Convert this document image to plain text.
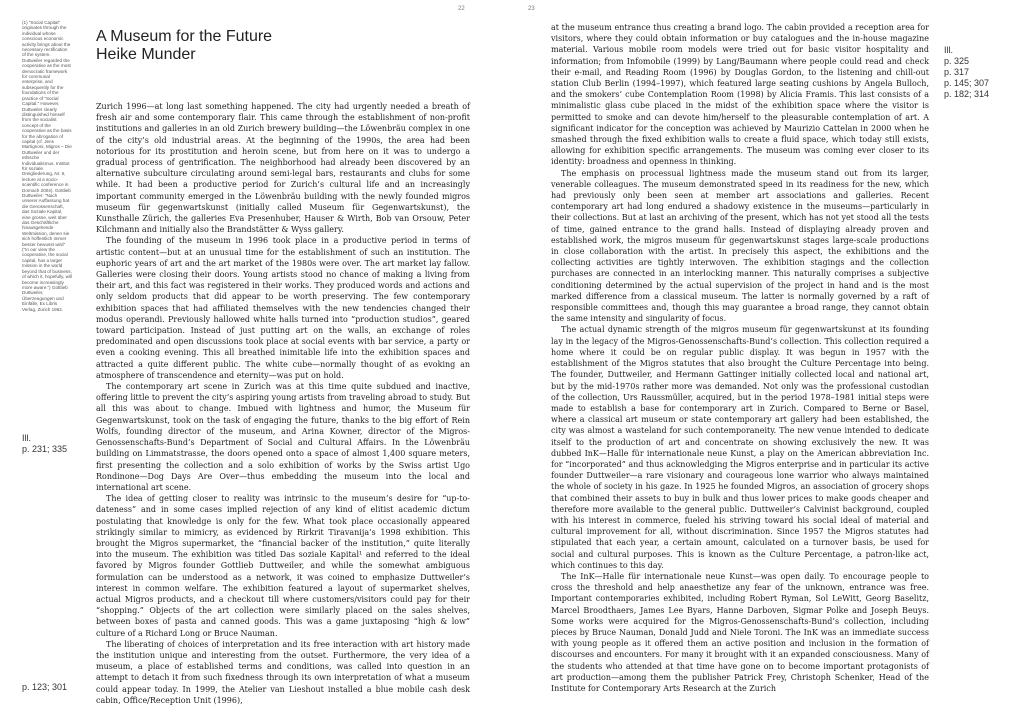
22	23
(1) “Social Capital” originates through the individual whose conscious economic activity brings about the necessary rectification of the system. Duttweiler regarded the cooperative as the most democratic framework for communal enterprise, and subsequently for the foundations of the practice of “Social Capital.” However, Duttweiler clearly distinguished himself from the socialist concept of the cooperative as the basis for the abrogation of capital (cf. Jens Martignoni, Migros – Die Duttweiler und der ethische Individualismus. Institut für soziale Dreigliederung, Nr. 6, lecture at a socio-scientific conference in Dornach 2004). Gottlieb Duttweiler: “Nach unserer Auffassung hat die Genossenschaft, das Soziale Kapital, eine grosse, weit über das Geschäftliche hinausgehende Weltmission, denen sie sich hoffentlich immer besser bewusst wird” (“In our view the cooperative, the social capital, has a larger mission in the world beyond that of business, of which it, hopefully, will become increasingly more aware.”) Gottlieb Duttweiler, Überzeugungen und Einfälle, Ex Libris Verlag, Zurich 1962.
Ill.
p. 231; 335
p. 123; 301
A Museum for the Future
Heike Munder

Zurich 1996—at long last something happened. The city had urgently needed a breath of fresh air and some contemporary flair. This came through the establishment of non-profit institutions and galleries in an old Zurich brewery building—the Löwenbräu complex in one of the city’s old industrial areas. At the beginning of the 1990s, the area had been notorious for its prostitution and heroin scene, but from here on it was to undergo a gradual process of gentrification. The neighborhood had already been discovered by an alternative subculture circulating around semi-legal bars, restaurants and clubs for some while. It had been a productive period for Zurich’s cultural life and an increasingly important community emerged in the Löwenbräu building with the newly founded migros museum für gegenwartskunst (initially called Museum für Gegenwartskunst), the Kunsthalle Zürich, the galleries Eva Presenhuber, Hauser & Wirth, Bob van Orsouw, Peter Kilchmann and initially also the Brandstätter & Wyss gallery.

The founding of the museum in 1996 took place in a productive period in terms of artistic content—but at an unusual time for the establishment of such an institution. The euphoric years of art and the art market of the 1980s were over. The art market lay fallow. Galleries were closing their doors. Young artists stood no chance of making a living from their art, and this fact was registered in their works. They produced words and actions and only seldom products that did appear to be worth preserving. The few contemporary exhibition spaces that had affiliated themselves with the new tendencies changed their modus operandi. Previously hallowed white halls turned into “production studios”, geared toward participation. Instead of just putting art on the walls, an exchange of roles predominated and open discussions took place at social events with bar service, a party or even a cooking evening. This all breathed inimitable life into the exhibition spaces and attracted a quite different public. The white cube—normally thought of as evoking an atmosphere of transcendence and eternity—was put on hold.

The contemporary art scene in Zurich was at this time quite subdued and inactive, offering little to prevent the city’s aspiring young artists from traveling abroad to study. But all this was about to change. Imbued with lightness and humor, the Museum für Gegenwartskunst, took on the task of engaging the future, thanks to the big effort of Rein Wolfs, founding director of the museum, and Arina Kowner, director of the Migros-Genossenschafts-Bund’s Department of Social and Cultural Affairs. In the Löwenbräu building on Limmatstrasse, the doors opened onto a space of almost 1,400 square meters, first presenting the collection and a solo exhibition of works by the Swiss artist Ugo Rondinone—Dog Days Are Over—thus embedding the museum into the local and international art scene.

The idea of getting closer to reality was intrinsic to the museum’s desire for “up-to-dateness” and in some cases implied rejection of any kind of elitist academic dictum postulating that knowledge is only for the few. What took place occasionally appeared strikingly similar to mimicry, as evidenced by Rirkrit Tiravanija’s 1998 exhibition. This brought the Migros supermarket, the “financial backer of the institution,” quite literally into the museum. The exhibition was titled Das soziale Kapital¹ and referred to the ideal favored by Migros founder Gottlieb Duttweiler, and while the somewhat ambiguous formulation can be understood as a network, it was coined to emphasize Duttweiler’s interest in common welfare. The exhibition featured a layout of supermarket shelves, actual Migros products, and a checkout till where customers/visitors could pay for their “shopping.” Objects of the art collection were similarly placed on the sales shelves, between boxes of pasta and canned goods. This was a game juxtaposing “high & low” culture of a Richard Long or Bruce Nauman.

The liberating of choices of interpretation and its free interaction with art history made the institution unique and interesting from the outset. Furthermore, the very idea of a museum, a place of established terms and conditions, was called into question in an attempt to detach it from such fixedness through its own interpretation of what a museum could appear today. In 1999, the Atelier van Lieshout installed a blue mobile cash desk cabin, Office/Reception Unit (1996),

at the museum entrance thus creating a brand logo. The cabin provided a reception area for visitors, where they could obtain information or buy catalogues and the in-house magazine material. Various mobile room models were tried out for basic visitor hospitality and information; from Infomobile (1999) by Lang/Baumann where people could read and check their e-mail, and Reading Room (1996) by Douglas Gordon, to the listening and chill-out station Club Berlin (1994–1997), which featured large seating cushions by Angela Bulloch, and the smokers’ cube Contemplation Room (1998) by Alicia Framis. This last consists of a minimalistic glass cube placed in the midst of the exhibition space where the visitor is permitted to smoke and can devote him/herself to the pleasurable contemplation of art. A significant indicator for the conception was achieved by Maurizio Cattelan in 2000 when he smashed through the fixed exhibition walls to create a fluid space, which today still exists, allowing for exhibition specific arrangements. The museum was coming ever closer to its identity: broadness and openness in thinking.

The emphasis on processual lightness made the museum stand out from its larger, venerable colleagues. The museum demonstrated speed in its readiness for the new, which had previously only been seen at member art associations and galleries. Recent contemporary art had long endured a shadowy existence in the museums—particularly in their collections. But at last an archiving of the present, which has not yet stood all the tests of time, gained entrance to the grand halls. Instead of displaying already proven and established work, the migros museum für gegenwartskunst stages large-scale productions in close collaboration with the artist. In precisely this aspect, the exhibitions and the collecting activities are tightly interwoven. The exhibition stagings and the collection purchases are connected in an interlocking manner. This naturally comprises a subjective conditioning determined by the actual supervision of the project in hand and is the most marked difference from a classical museum. The latter is normally governed by a raft of responsible committees and, though this may guarantee a broad range, they cannot obtain the same intensity and singularity of focus.

The actual dynamic strength of the migros museum für gegenwartskunst at its founding lay in the legacy of the Migros-Genossenschafts-Bund’s collection. This collection required a home where it could be on regular public display. It was begun in 1957 with the establishment of the Migros statutes that also brought the Culture Percentage into being. The founder, Duttweiler, and Hermann Gattinger initially collected local and national art, but by the mid-1970s rather more was demanded. Not only was the professional custodian of the collection, Urs Raussmüller, acquired, but in the period 1978–1981 initial steps were made to establish a base for contemporary art in Zurich. Compared to Berne or Basel, where a classical art museum or state contemporary art gallery had been established, the city was almost a wasteland for such contemporaneity. The new venue intended to dedicate itself to the production of art and concentrate on showing exclusively the new. It was dubbed InK—Halle für internationale neue Kunst, a play on the American abbreviation Inc. for “incorporated” and thus acknowledging the Migros enterprise and in particular its active founder Duttweiler—a rare visionary and courageous lone warrior who always maintained the whole of society in his gaze. In 1925 he founded Migros, an association of grocery shops that combined their assets to buy in bulk and thus lower prices to make goods cheaper and therefore more available to the general public. Duttweiler’s Calvinist background, coupled with his interest in commerce, fueled his striving toward his social ideal of material and cultural improvement for all, without discrimination. Since 1957 the Migros statutes had stipulated that each year, a certain amount, calculated on a turnover basis, be used for social and cultural purposes. This is known as the Culture Percentage, a patron-like act, which continues to this day.

The InK—Halle für internationale neue Kunst—was open daily. To encourage people to cross the threshold and help anaesthetize any fear of the unknown, entrance was free. Important contemporaries exhibited, including Robert Ryman, Sol LeWitt, Georg Baselitz, Marcel Broodthaers, James Lee Byars, Hanne Darboven, Sigmar Polke and Joseph Beuys. Some works were acquired for the Migros-Genossenschafts-Bund’s collection, including pieces by Bruce Nauman, Donald Judd and Niele Toroni. The InK was an immediate success with young people as it offered them an active position and inclusion in the formation of discourses and encounters. For many it brought with it an expanded consciousness. Many of the students who attended at that time have gone on to become important protagonists of art production—among them the publisher Patrick Frey, Christoph Schenker, Head of the Institute for Contemporary Arts Research at the Zurich

Ill.
p. 325
p. 317
p. 145; 307
p. 182; 314
